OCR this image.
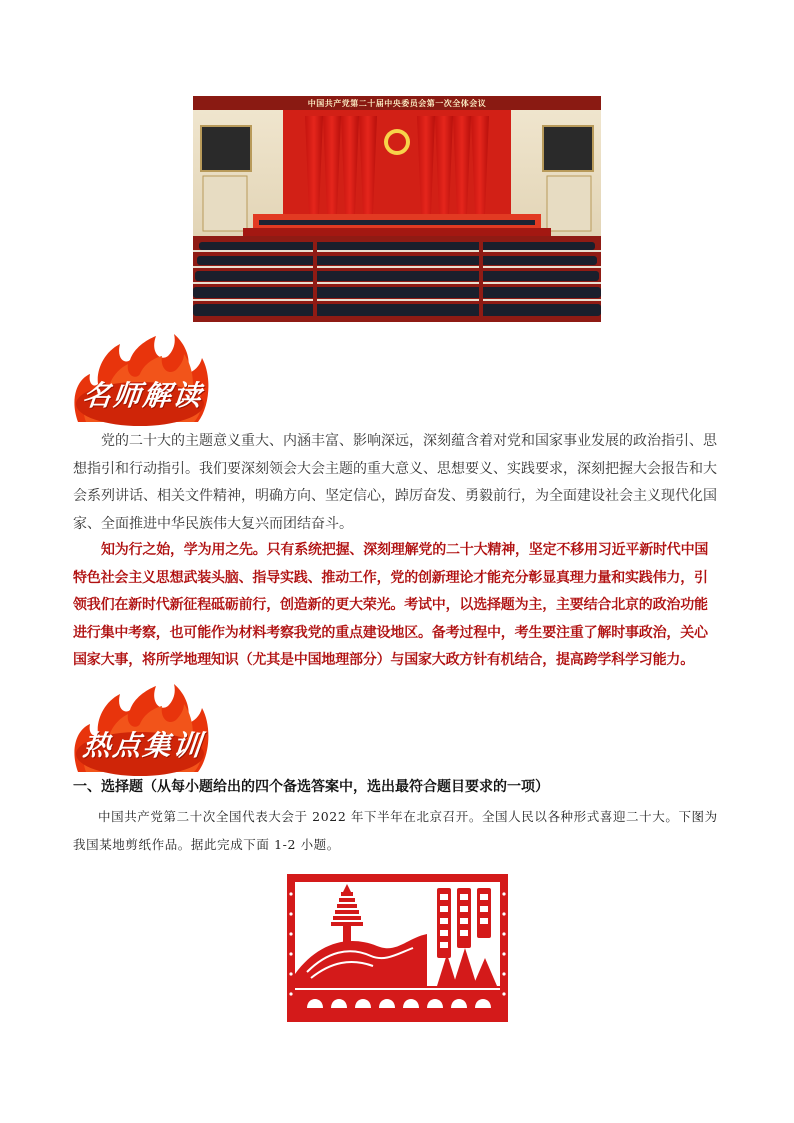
中国共产党第二十届中央委员会第一次全体会议
名师解读

党的二十大的主题意义重大、内涵丰富、影响深远，深刻蕴含着对党和国家事业发展的政治指引、思想指引和行动指引。我们要深刻领会大会主题的重大意义、思想要义、实践要求，深刻把握大会报告和大会系列讲话、相关文件精神，明确方向、坚定信心，踔厉奋发、勇毅前行，为全面建设社会主义现代化国家、全面推进中华民族伟大复兴而团结奋斗。

知为行之始，学为用之先。只有系统把握、深刻理解党的二十大精神，坚定不移用习近平新时代中国特色社会主义思想武装头脑、指导实践、推动工作，党的创新理论才能充分彰显真理力量和实践伟力，引领我们在新时代新征程砥砺前行，创造新的更大荣光。考试中，以选择题为主，主要结合北京的政治功能进行集中考察，也可能作为材料考察我党的重点建设地区。备考过程中，考生要注重了解时事政治，关心国家大事，将所学地理知识（尤其是中国地理部分）与国家大政方针有机结合，提高跨学科学习能力。

热点集训

一、选择题（从每小题给出的四个备选答案中，选出最符合题目要求的一项）

中国共产党第二十次全国代表大会于 2022 年下半年在北京召开。全国人民以各种形式喜迎二十大。下图为我国某地剪纸作品。据此完成下面 1-2 小题。
